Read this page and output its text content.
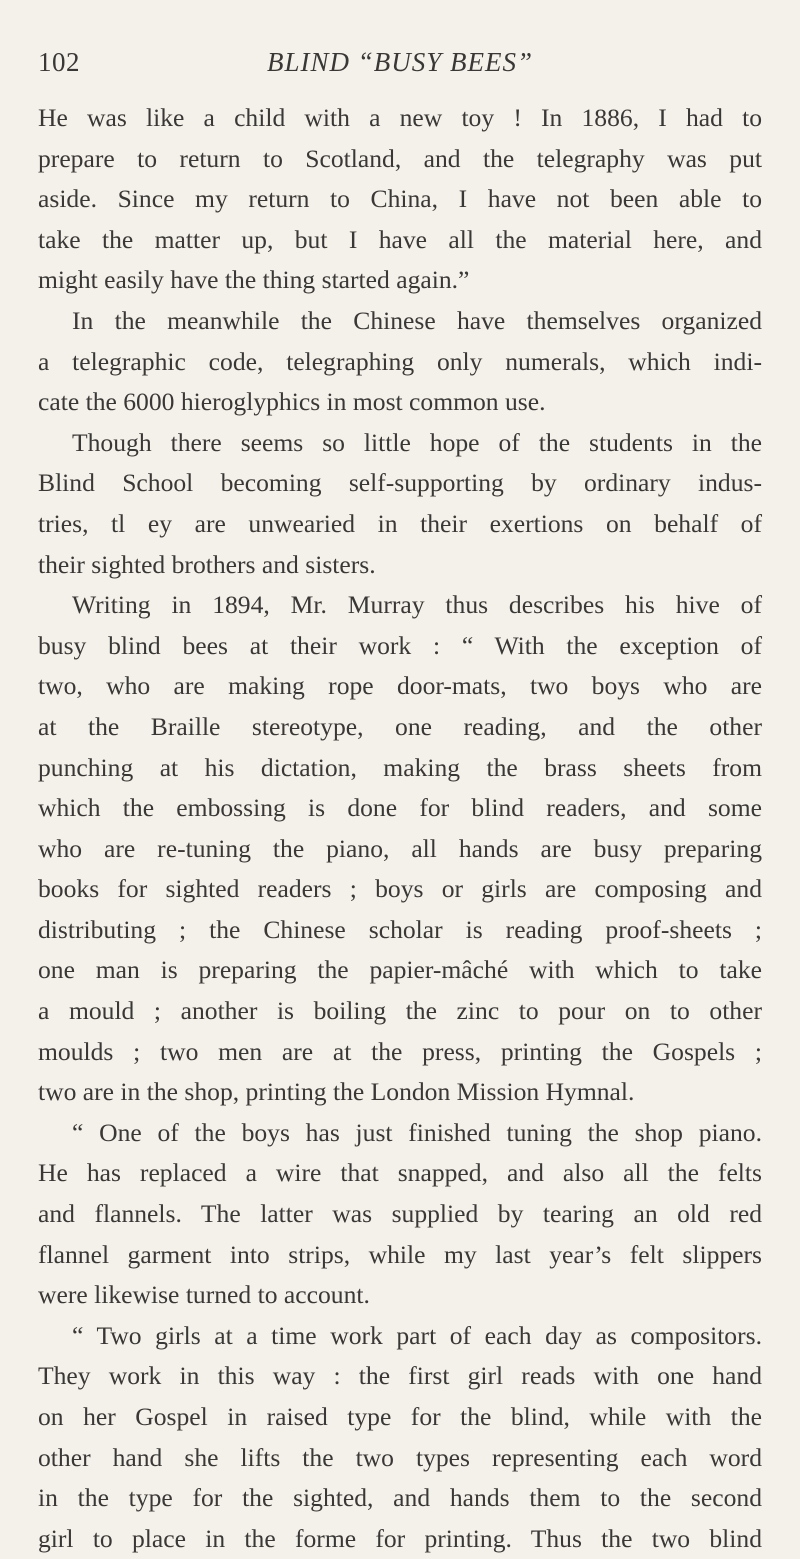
102	BLIND “BUSY BEES”
He was like a child with a new toy ! In 1886, I had to
prepare to return to Scotland, and the telegraphy was put
aside. Since my return to China, I have not been able to
take the matter up, but I have all the material here, and
might easily have the thing started again.”
In the meanwhile the Chinese have themselves organized
a telegraphic code, telegraphing only numerals, which indi-
cate the 6000 hieroglyphics in most common use.
Though there seems so little hope of the students in the
Blind School becoming self-supporting by ordinary indus-
tries, tl ey are unwearied in their exertions on behalf of
their sighted brothers and sisters.
Writing in 1894, Mr. Murray thus describes his hive of
busy blind bees at their work : “ With the exception of
two, who are making rope door-mats, two boys who are
at the Braille stereotype, one reading, and the other
punching at his dictation, making the brass sheets from
which the embossing is done for blind readers, and some
who are re-tuning the piano, all hands are busy preparing
books for sighted readers ; boys or girls are composing and
distributing ; the Chinese scholar is reading proof-sheets ;
one man is preparing the papier-mâché with which to take
a mould ; another is boiling the zinc to pour on to other
moulds ; two men are at the press, printing the Gospels ;
two are in the shop, printing the London Mission Hymnal.
“ One of the boys has just finished tuning the shop piano.
He has replaced a wire that snapped, and also all the felts
and flannels. The latter was supplied by tearing an old red
flannel garment into strips, while my last year’s felt slippers
were likewise turned to account.
“ Two girls at a time work part of each day as compositors.
They work in this way : the first girl reads with one hand
on her Gospel in raised type for the blind, while with the
other hand she lifts the two types representing each word
in the type for the sighted, and hands them to the second
girl to place in the forme for printing. Thus the two blind
